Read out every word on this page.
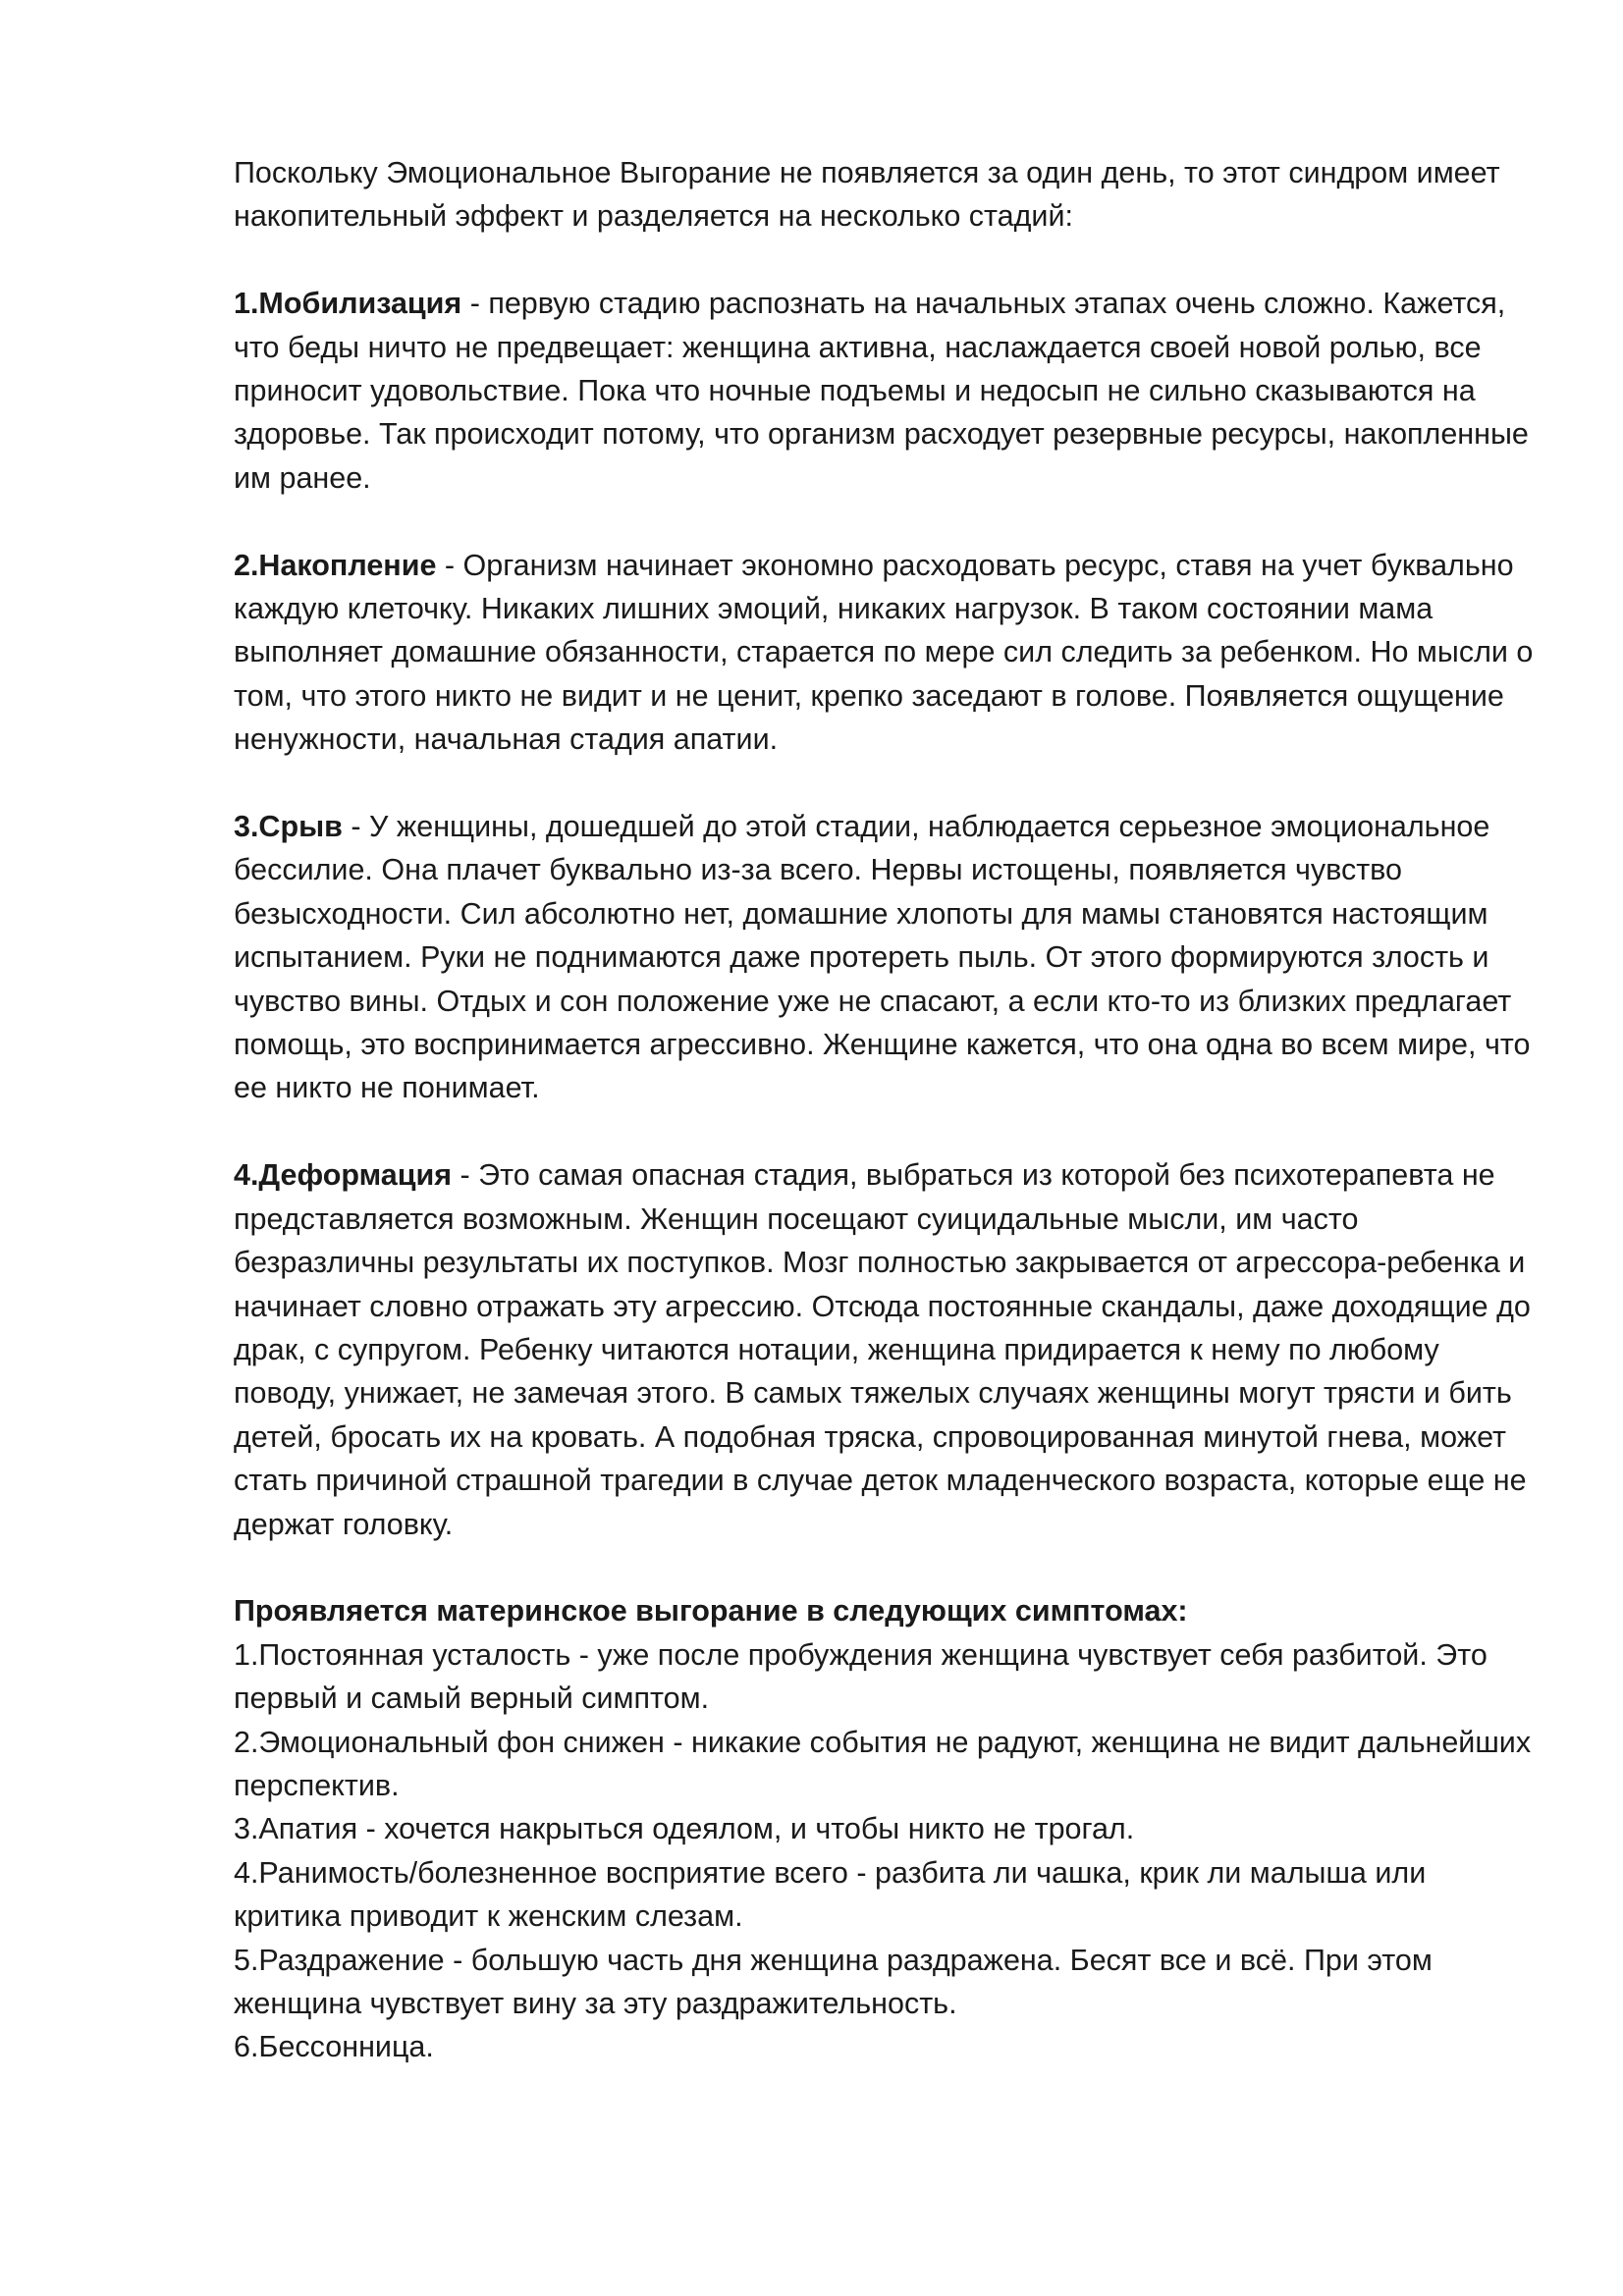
Поскольку Эмоциональное Выгорание не появляется за один день, то этот синдром имеет накопительный эффект и разделяется на несколько стадий:

1.Мобилизация - первую стадию распознать на начальных этапах очень сложно. Кажется, что беды ничто не предвещает: женщина активна, наслаждается своей новой ролью, все приносит удовольствие. Пока что ночные подъемы и недосып не сильно сказываются на здоровье. Так происходит потому, что организм расходует резервные ресурсы, накопленные им ранее.

2.Накопление - Организм начинает экономно расходовать ресурс, ставя на учет буквально каждую клеточку. Никаких лишних эмоций, никаких нагрузок. В таком состоянии мама выполняет домашние обязанности, старается по мере сил следить за ребенком. Но мысли о том, что этого никто не видит и не ценит, крепко заседают в голове. Появляется ощущение ненужности, начальная стадия апатии.

3.Срыв - У женщины, дошедшей до этой стадии, наблюдается серьезное эмоциональное бессилие. Она плачет буквально из-за всего. Нервы истощены, появляется чувство безысходности. Сил абсолютно нет, домашние хлопоты для мамы становятся настоящим испытанием. Руки не поднимаются даже протереть пыль. От этого формируются злость и чувство вины. Отдых и сон положение уже не спасают, а если кто-то из близких предлагает помощь, это воспринимается агрессивно. Женщине кажется, что она одна во всем мире, что ее никто не понимает.

4.Деформация - Это самая опасная стадия, выбраться из которой без психотерапевта не представляется возможным. Женщин посещают суицидальные мысли, им часто безразличны результаты их поступков. Мозг полностью закрывается от агрессора-ребенка и начинает словно отражать эту агрессию. Отсюда постоянные скандалы, даже доходящие до драк, с супругом. Ребенку читаются нотации, женщина придирается к нему по любому поводу, унижает, не замечая этого. В самых тяжелых случаях женщины могут трясти и бить детей, бросать их на кровать. А подобная тряска, спровоцированная минутой гнева, может стать причиной страшной трагедии в случае деток младенческого возраста, которые еще не держат головку.

Проявляется материнское выгорание в следующих симптомах:
1.Постоянная усталость - уже после пробуждения женщина чувствует себя разбитой. Это первый и самый верный симптом.
2.Эмоциональный фон снижен - никакие события не радуют, женщина не видит дальнейших перспектив.
3.Апатия - хочется накрыться одеялом, и чтобы никто не трогал.
4.Ранимость/болезненное восприятие всего - разбита ли чашка, крик ли малыша или критика приводит к женским слезам.
5.Раздражение - большую часть дня женщина раздражена. Бесят все и всё. При этом женщина чувствует вину за эту раздражительность.
6.Бессонница.
